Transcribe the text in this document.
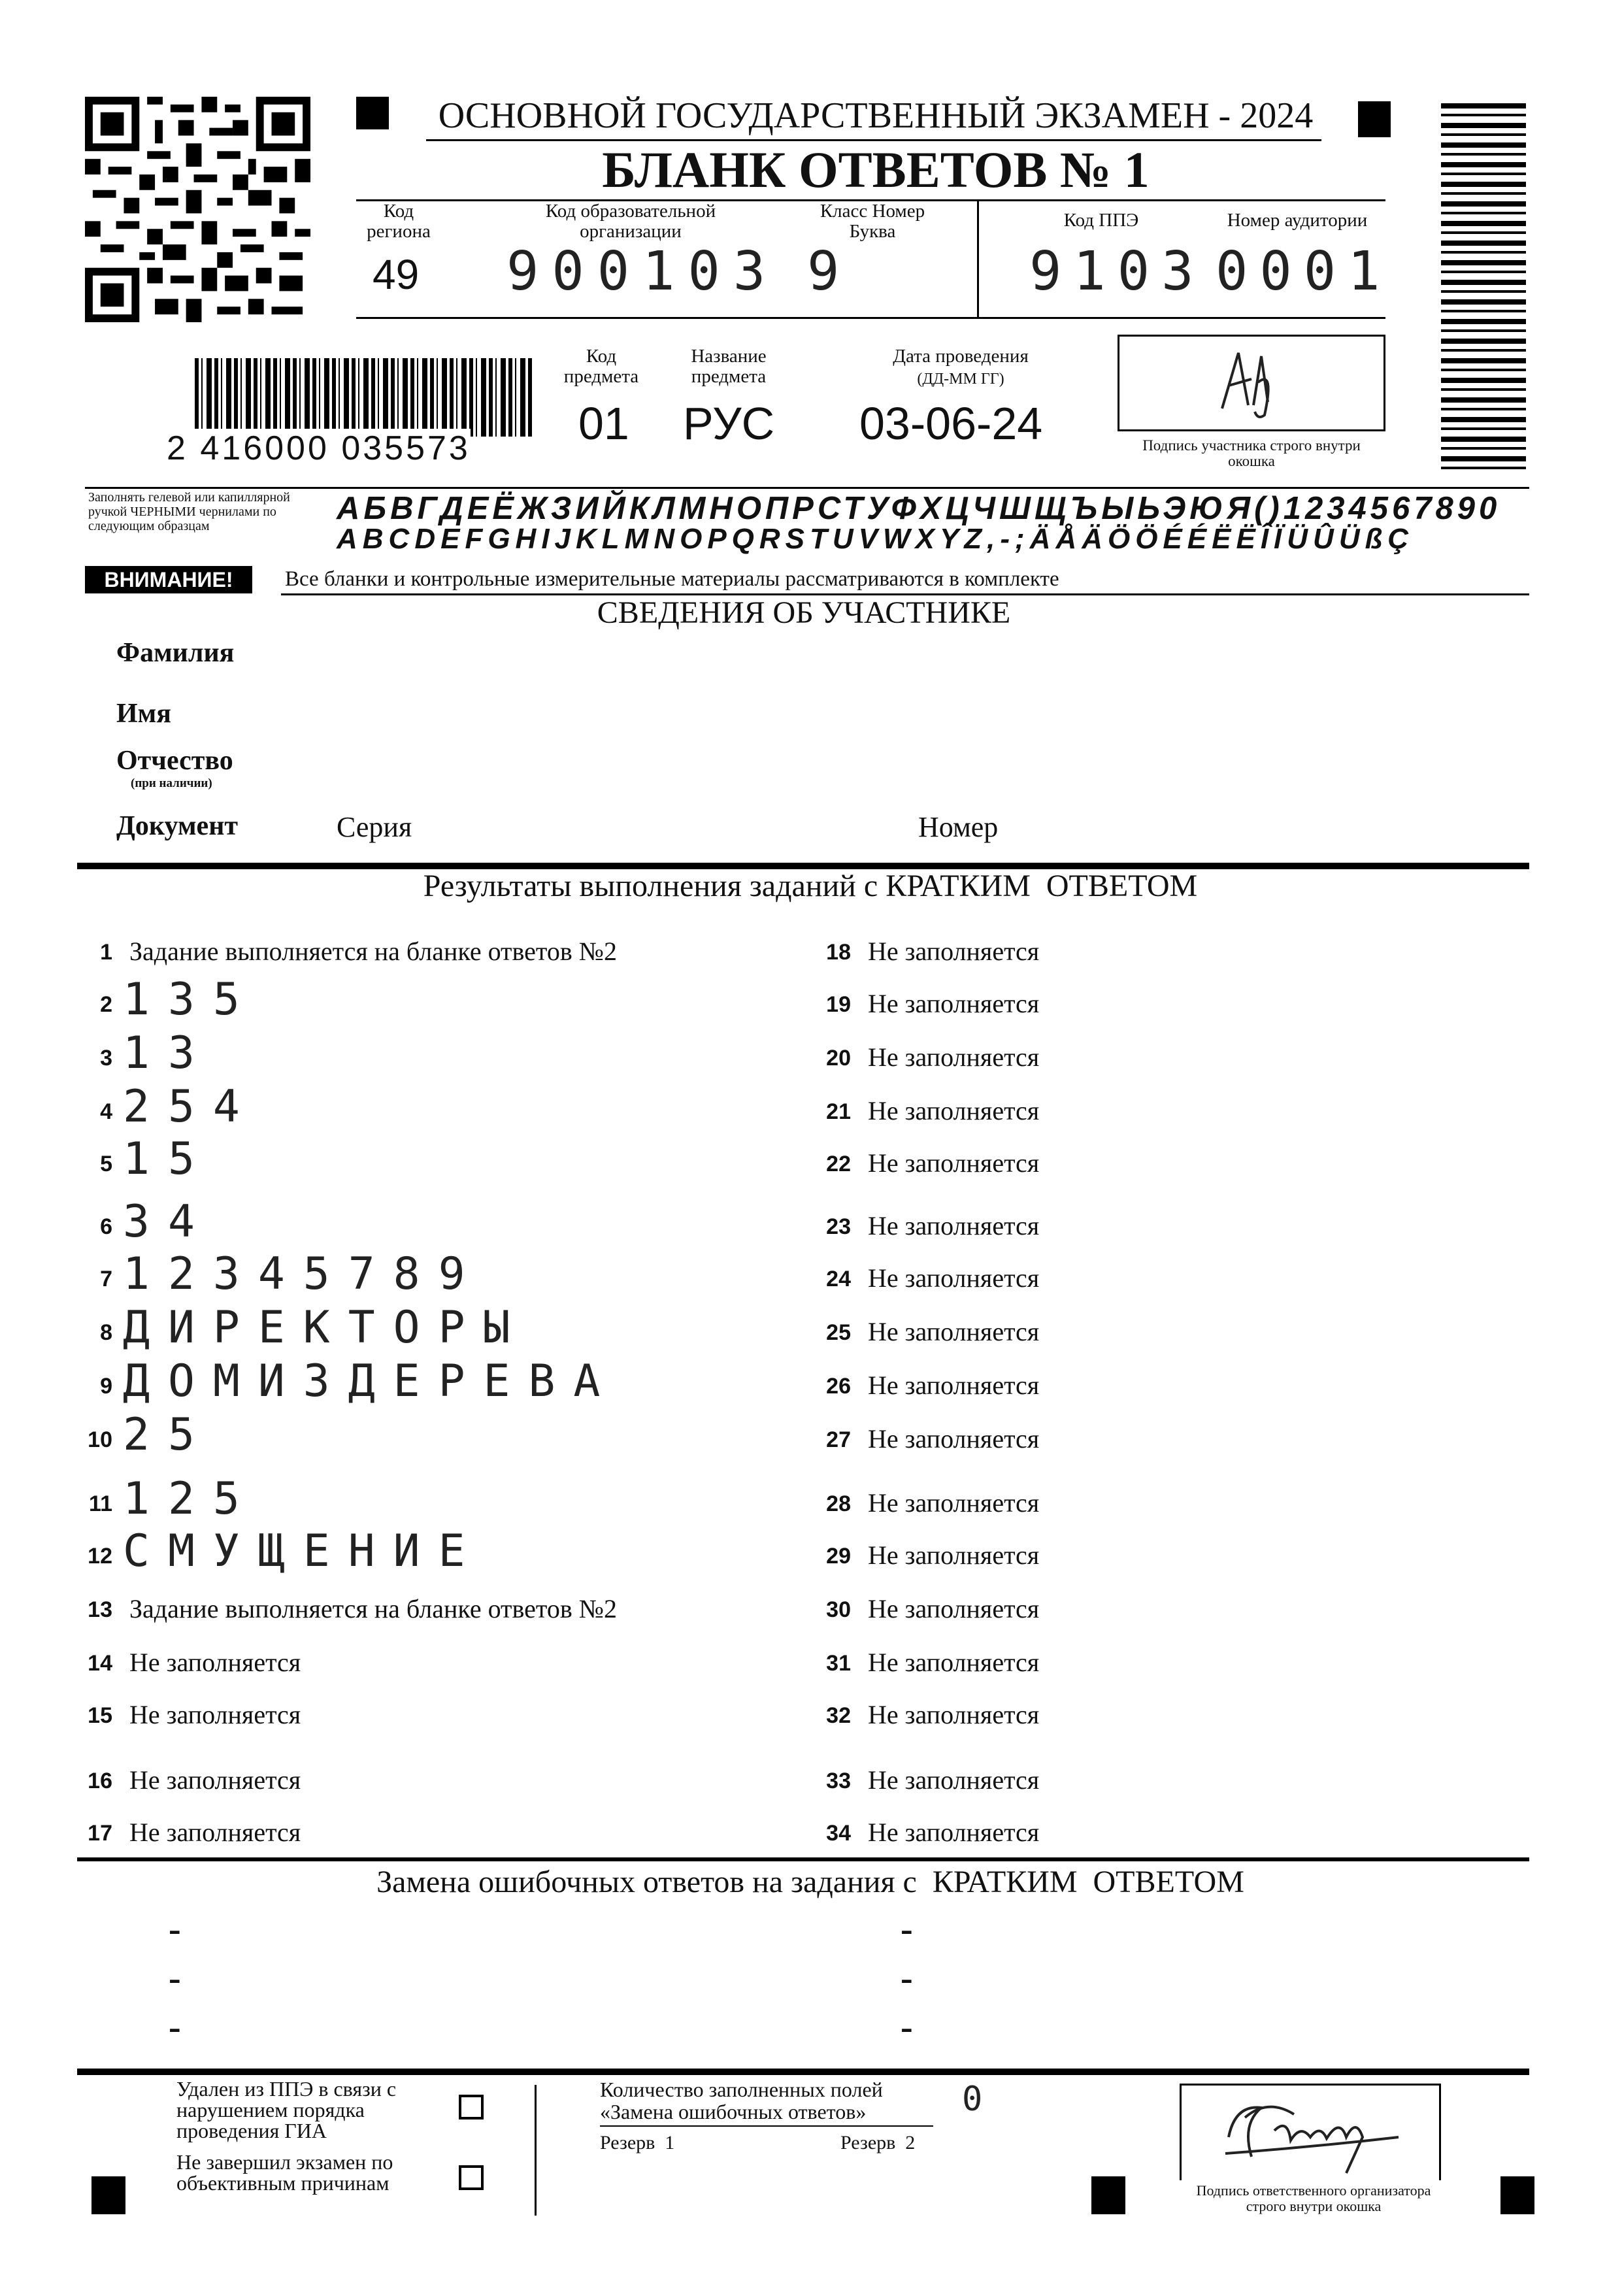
ОСНОВНОЙ ГОСУДАРСТВЕННЫЙ ЭКЗАМЕН - 2024
БЛАНК ОТВЕТОВ № 1
Код региона
49
Код образовательной организации
900103
Класс Номер Буква
9
Код ППЭ
9103
Номер аудитории
0001
2 416000 035573
Код предмета
01
Название предмета
РУС
Дата проведения
(ДД-ММ ГГ)
03-06-24	Подпись участника строго внутри окошка
Заполнять гелевой или капиллярной ручкой ЧЕРНЫМИ чернилами по следующим образцам	АБВГДЕЁЖЗИЙКЛМНОПРСТУФХЦЧШЩЪЫЬЭЮЯ()1234567890
ABCDEFGHIJKLMNOPQRSTUVWXYZ,-;ÄÅÄÖÖÉÉËËÎÏÜÛÜßÇ
ВНИМАНИЕ!	Все бланки и контрольные измерительные материалы рассматриваются в комплекте
СВЕДЕНИЯ ОБ УЧАСТНИКЕ
Фамилия
Имя
Отчество
(при наличии)
Документ	Серия	Номер
Результаты выполнения заданий с КРАТКИМ  ОТВЕТОМ
1 Задание выполняется на бланке ответов №2
2 135
3 13
4 254
5 15
6 34
7 12345789
8 ДИРЕКТОРЫ
9 ДОМИЗДЕРЕВА
10 25
11 125
12 СМУЩЕНИЕ
13 Задание выполняется на бланке ответов №2
14 Не заполняется
15 Не заполняется
16 Не заполняется
17 Не заполняется
18 Не заполняется
19 Не заполняется
20 Не заполняется
21 Не заполняется
22 Не заполняется
23 Не заполняется
24 Не заполняется
25 Не заполняется
26 Не заполняется
27 Не заполняется
28 Не заполняется
29 Не заполняется
30 Не заполняется
31 Не заполняется
32 Не заполняется
33 Не заполняется
34 Не заполняется
Замена ошибочных ответов на задания с  КРАТКИМ  ОТВЕТОМ
-
-
-
-
-
-
Удален из ППЭ в связи с нарушением порядка проведения ГИА
Не завершил экзамен по объективным причинам
Количество заполненных полей «Замена ошибочных ответов»	0
Резерв  1	Резерв  2
Подпись ответственного организатора строго внутри окошка
